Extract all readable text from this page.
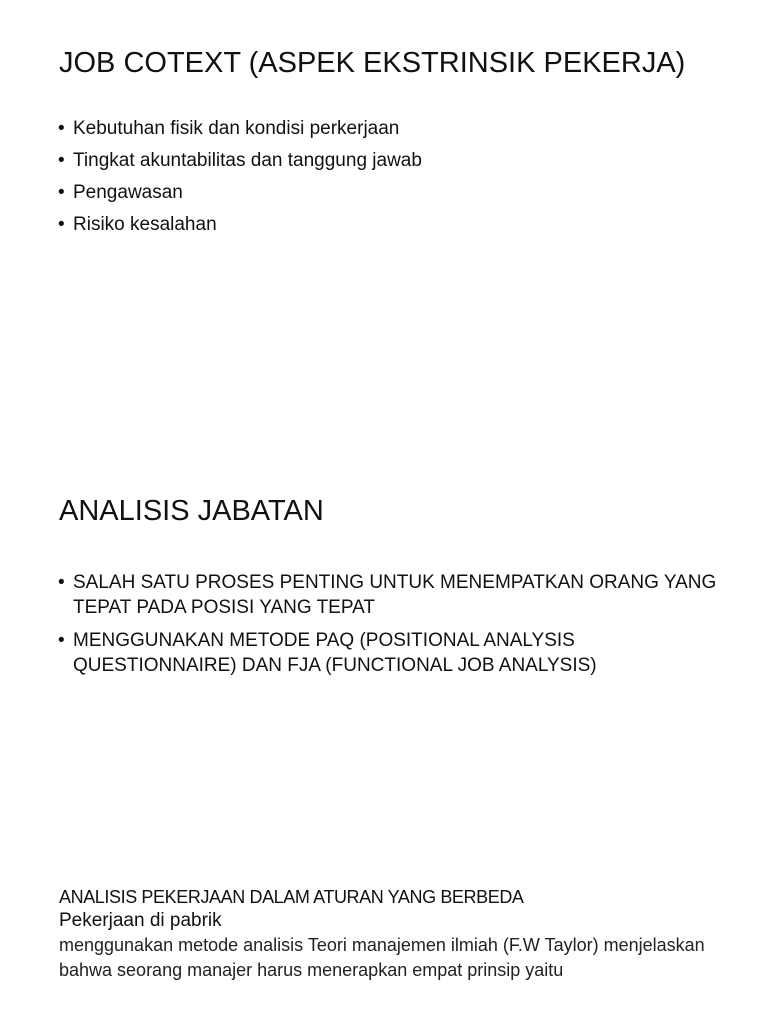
JOB COTEXT (ASPEK EKSTRINSIK PEKERJA)
• Kebutuhan fisik dan kondisi perkerjaan
• Tingkat akuntabilitas dan tanggung jawab
• Pengawasan
• Risiko kesalahan
ANALISIS JABATAN
• SALAH SATU PROSES PENTING UNTUK MENEMPATKAN ORANG YANG TEPAT PADA POSISI YANG TEPAT
• MENGGUNAKAN METODE PAQ (POSITIONAL ANALYSIS QUESTIONNAIRE) DAN FJA (FUNCTIONAL JOB ANALYSIS)
ANALISIS PEKERJAAN DALAM ATURAN YANG BERBEDA
Pekerjaan di pabrik
menggunakan metode analisis Teori manajemen ilmiah (F.W Taylor) menjelaskan bahwa seorang manajer harus menerapkan empat prinsip yaitu
